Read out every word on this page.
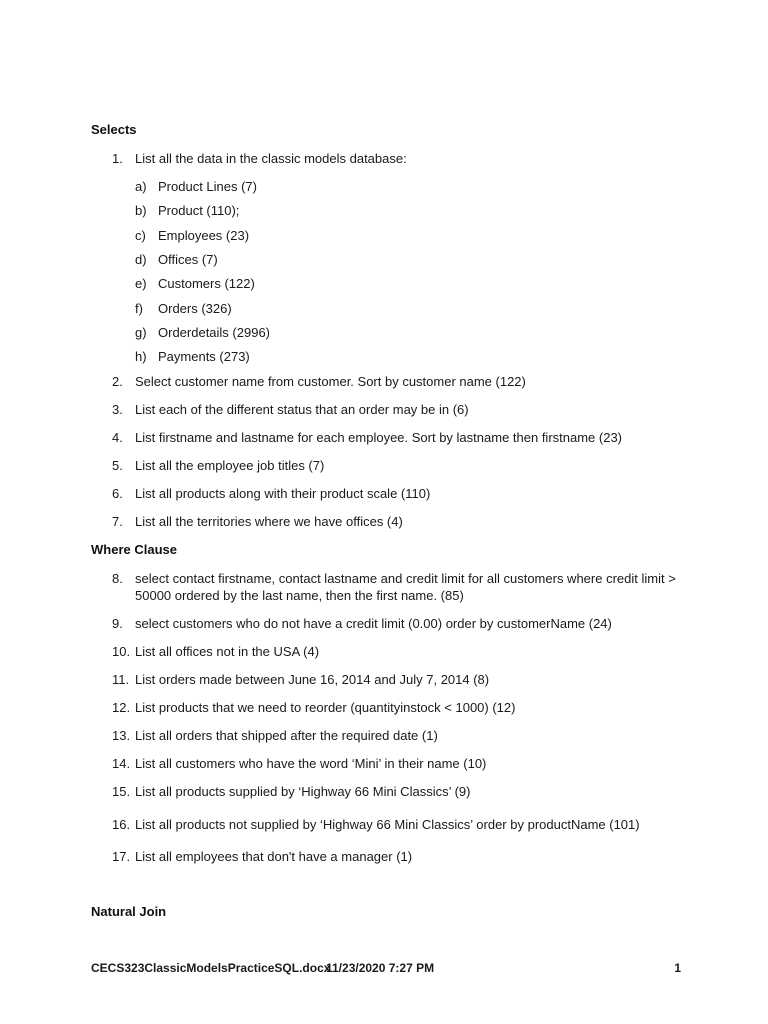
Selects
1. List all the data in the classic models database:
a) Product Lines (7)
b) Product (110);
c) Employees (23)
d) Offices (7)
e) Customers (122)
f) Orders (326)
g) Orderdetails (2996)
h) Payments (273)
2. Select customer name from customer. Sort by customer name (122)
3. List each of the different status that an order may be in (6)
4. List firstname and lastname for each employee. Sort by lastname then firstname (23)
5. List all the employee job titles (7)
6. List all products along with their product scale (110)
7. List all the territories where we have offices (4)
Where Clause
8. select contact firstname, contact lastname and credit limit for all customers where credit limit > 50000 ordered by the last name, then the first name. (85)
9. select customers who do not have a credit limit (0.00) order by customerName (24)
10. List all offices not in the USA (4)
11. List orders made between June 16, 2014 and July 7, 2014 (8)
12. List products that we need to reorder (quantityinstock < 1000) (12)
13. List all orders that shipped after the required date (1)
14. List all customers who have the word ‘Mini’ in their name (10)
15. List all products supplied by ‘Highway 66 Mini Classics’ (9)
16. List all products not supplied by ‘Highway 66 Mini Classics’ order by productName (101)
17. List all employees that don't have a manager (1)
Natural Join
CECS323ClassicModelsPracticeSQL.docx
11/23/2020 7:27 PM	1
